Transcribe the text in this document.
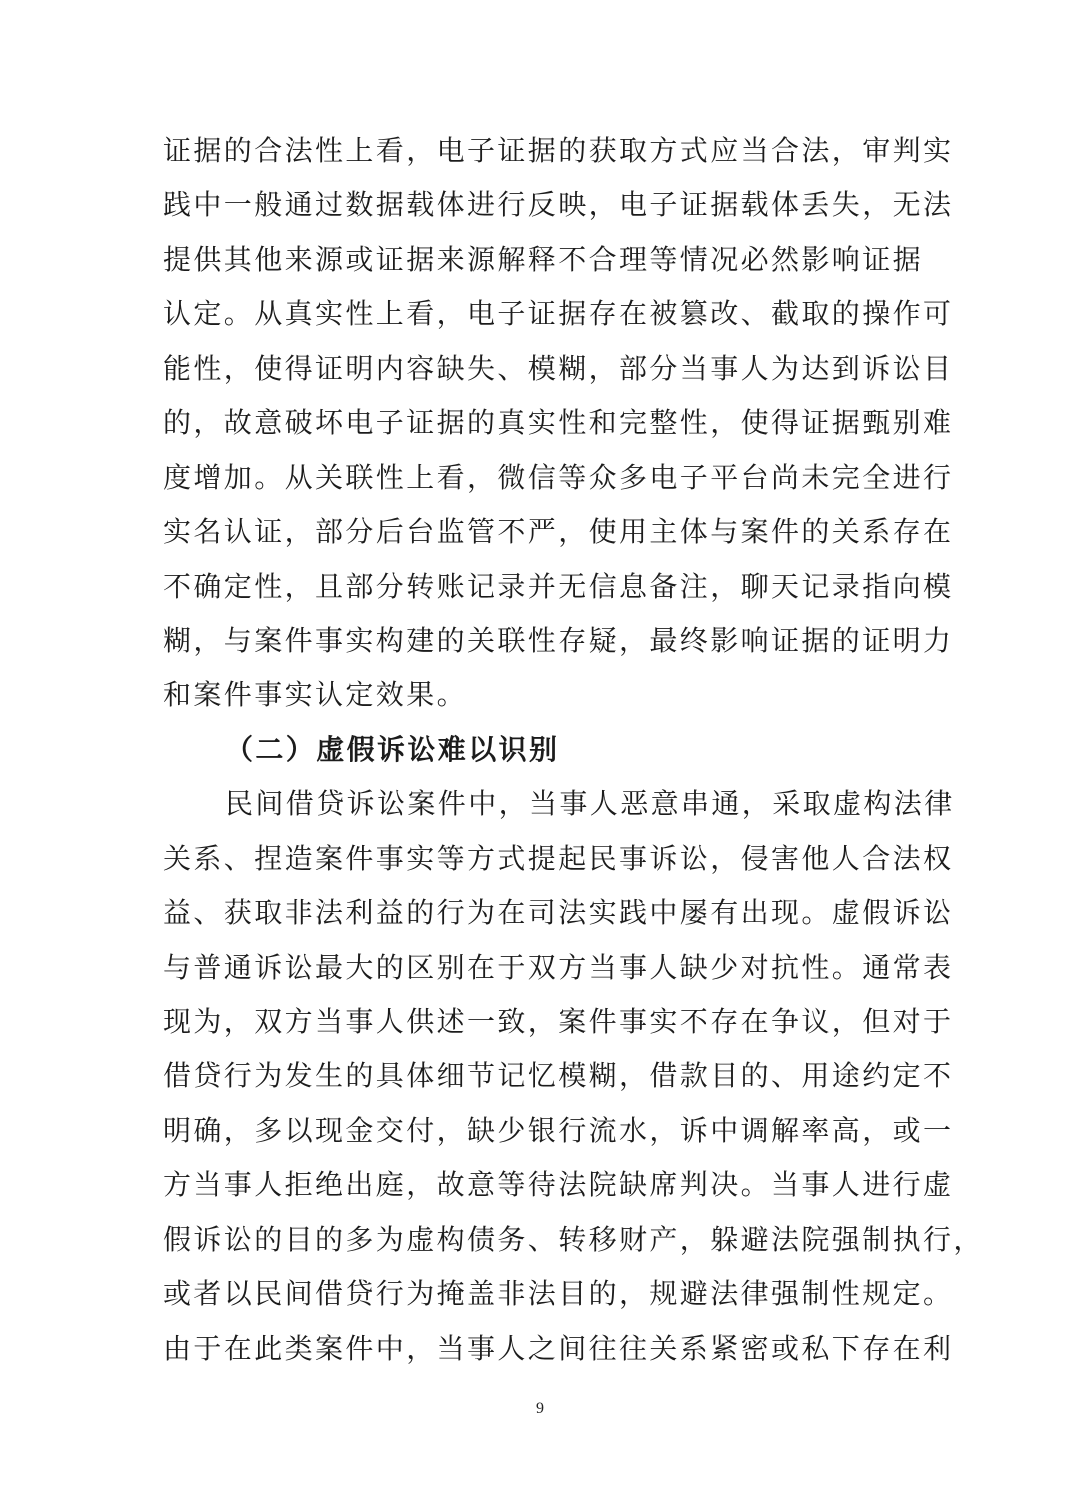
证据的合法性上看，电子证据的获取方式应当合法，审判实
践中一般通过数据载体进行反映，电子证据载体丢失，无法
提供其他来源或证据来源解释不合理等情况必然影响证据
认定。从真实性上看，电子证据存在被篡改、截取的操作可
能性，使得证明内容缺失、模糊，部分当事人为达到诉讼目
的，故意破坏电子证据的真实性和完整性，使得证据甄别难
度增加。从关联性上看，微信等众多电子平台尚未完全进行
实名认证，部分后台监管不严，使用主体与案件的关系存在
不确定性，且部分转账记录并无信息备注，聊天记录指向模
糊，与案件事实构建的关联性存疑，最终影响证据的证明力
和案件事实认定效果。
（二）虚假诉讼难以识别
民间借贷诉讼案件中，当事人恶意串通，采取虚构法律
关系、捏造案件事实等方式提起民事诉讼，侵害他人合法权
益、获取非法利益的行为在司法实践中屡有出现。虚假诉讼
与普通诉讼最大的区别在于双方当事人缺少对抗性。通常表
现为，双方当事人供述一致，案件事实不存在争议，但对于
借贷行为发生的具体细节记忆模糊，借款目的、用途约定不
明确，多以现金交付，缺少银行流水，诉中调解率高，或一
方当事人拒绝出庭，故意等待法院缺席判决。当事人进行虚
假诉讼的目的多为虚构债务、转移财产，躲避法院强制执行，
或者以民间借贷行为掩盖非法目的，规避法律强制性规定。
由于在此类案件中，当事人之间往往关系紧密或私下存在利
9
